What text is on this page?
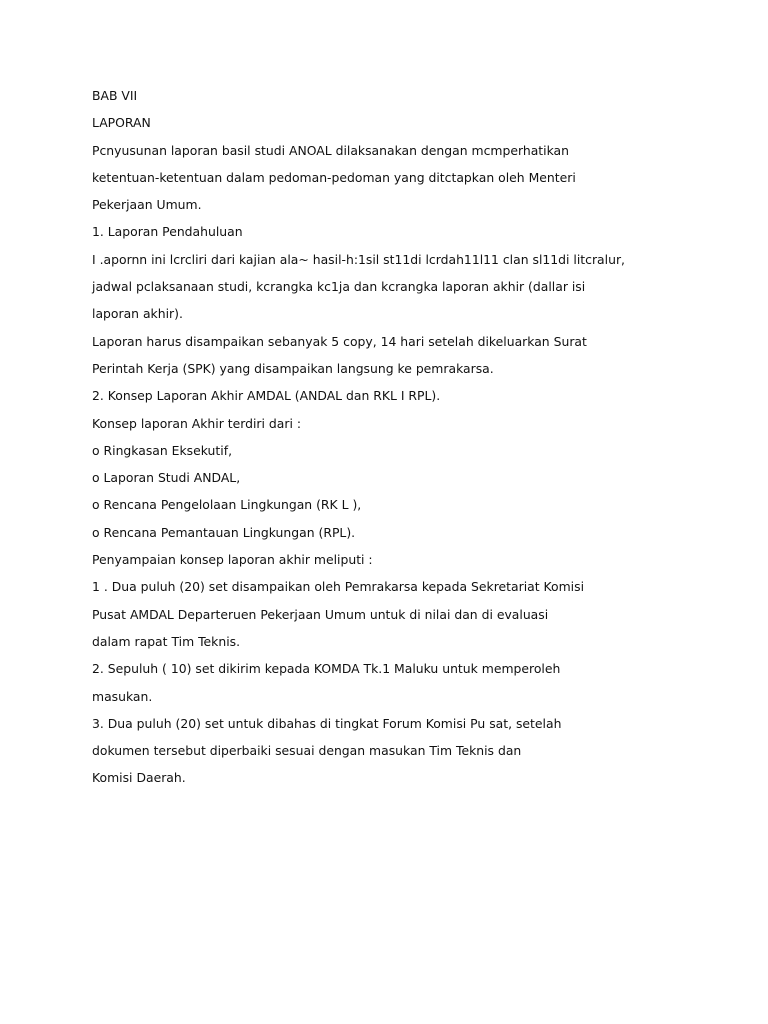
BAB VII
LAPORAN
Pcnyusunan laporan basil studi ANOAL dilaksanakan dengan mcmperhatikan
ketentuan-ketentuan dalam pedoman-pedoman yang ditctapkan oleh Menteri
Pekerjaan Umum.
1. Laporan Pendahuluan
I .apornn ini lcrcliri dari kajian ala~ hasil-h:1sil st11di lcrdah11l11 clan sl11di litcralur,
jadwal pclaksanaan studi, kcrangka kc1ja dan kcrangka laporan akhir (dallar isi
laporan akhir).
Laporan harus disampaikan sebanyak 5 copy, 14 hari setelah dikeluarkan Surat
Perintah Kerja (SPK) yang disampaikan langsung ke pemrakarsa.
2. Konsep Laporan Akhir AMDAL (ANDAL dan RKL I RPL).
Konsep laporan Akhir terdiri dari :
o Ringkasan Eksekutif,
o Laporan Studi ANDAL,
o Rencana Pengelolaan Lingkungan (RK L ),
o Rencana Pemantauan Lingkungan (RPL).
Penyampaian konsep laporan akhir meliputi :
1 . Dua puluh (20) set disampaikan oleh Pemrakarsa kepada Sekretariat Komisi
Pusat AMDAL Departeruen Pekerjaan Umum untuk di nilai dan di evaluasi
dalam rapat Tim Teknis.
2. Sepuluh ( 10) set dikirim kepada KOMDA Tk.1 Maluku untuk memperoleh
masukan.
3. Dua puluh (20) set untuk dibahas di tingkat Forum Komisi Pu sat, setelah
dokumen tersebut diperbaiki sesuai dengan masukan Tim Teknis dan
Komisi Daerah.
